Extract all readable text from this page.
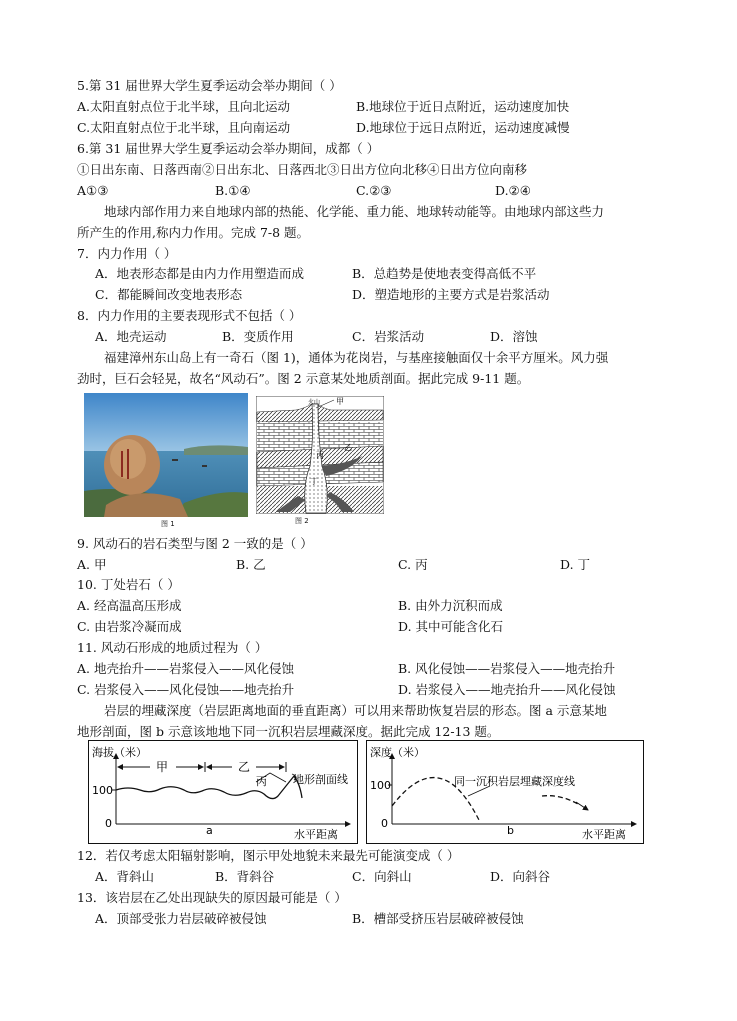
5.第 31 届世界大学生夏季运动会举办期间（ ）
A.太阳直射点位于北半球，且向北运动	B.地球位于近日点附近，运动速度加快
C.太阳直射点位于北半球，且向南运动	D.地球位于远日点附近，运动速度减慢
6.第 31 届世界大学生夏季运动会举办期间，成都（ ）
①日出东南、日落西南②日出东北、日落西北③日出方位向北移④日出方位向南移
A①③	B.①④	C.②③	D.②④
地球内部作用力来自地球内部的热能、化学能、重力能、地球转动能等。由地球内部这些力
所产生的作用,称内力作用。完成 7-8 题。
7．内力作用（ ）
A．地表形态都是由内力作用塑造而成	B．总趋势是使地表变得高低不平
C．都能瞬间改变地表形态	D．塑造地形的主要方式是岩浆活动
8．内力作用的主要表现形式不包括（ ）
A．地壳运动	B．变质作用	C．岩浆活动	D．溶蚀
福建漳州东山岛上有一奇石（图 1)，通体为花岗岩，与基座接触面仅十余平方厘米。风力强
劲时，巨石会轻晃，故名“风动石”。图 2 示意某处地质剖面。据此完成 9-11 题。
图 1
火山 甲
乙
丙
丁
图 2
9. 风动石的岩石类型与图 2 一致的是（ ）
A. 甲	B. 乙	C. 丙	D. 丁
10. 丁处岩石（ ）
A. 经高温高压形成	B. 由外力沉积而成
C. 由岩浆冷凝而成	D. 其中可能含化石
11. 风动石形成的地质过程为（ ）
A. 地壳抬升——岩浆侵入——风化侵蚀	B. 风化侵蚀——岩浆侵入——地壳抬升
C. 岩浆侵入——风化侵蚀——地壳抬升	D. 岩浆侵入——地壳抬升——风化侵蚀
岩层的埋藏深度（岩层距离地面的垂直距离）可以用来帮助恢复岩层的形态。图 a 示意某地
地形剖面，图 b 示意该地地下同一沉积岩层埋藏深度。据此完成 12-13 题。
海拔（米）
100
0
甲	乙
丙 地形剖面线
a	水平距离
深度（米）
100
0
同一沉积岩层埋藏深度线
b	水平距离
12．若仅考虑太阳辐射影响，图示甲处地貌未来最先可能演变成（ ）
A．背斜山	B．背斜谷	C．向斜山	D．向斜谷
13．该岩层在乙处出现缺失的原因最可能是（ ）
A．顶部受张力岩层破碎被侵蚀	B．槽部受挤压岩层破碎被侵蚀
